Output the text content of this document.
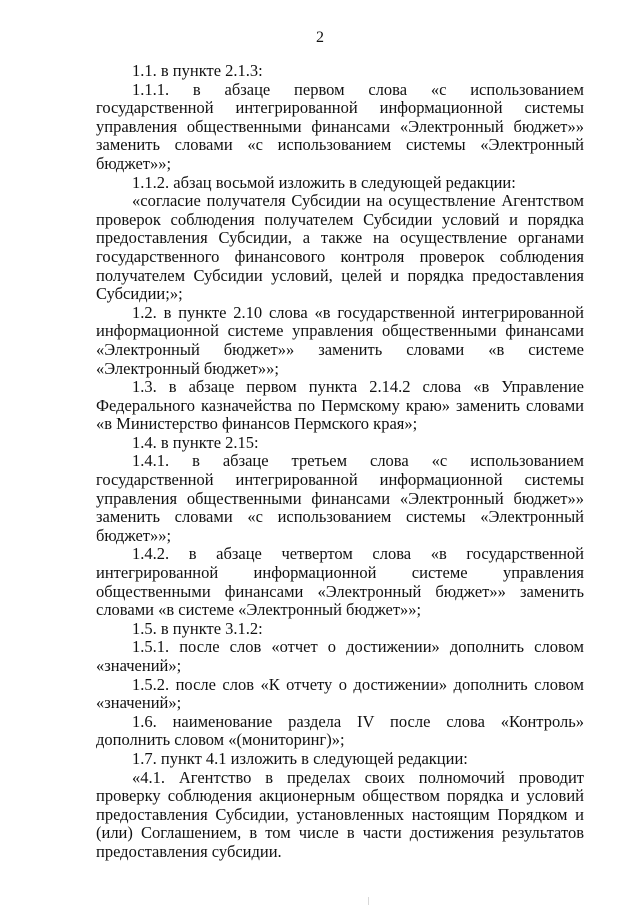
2

1.1. в пункте 2.1.3:

1.1.1. в абзаце первом слова «с использованием государственной интегрированной информационной системы управления общественными финансами «Электронный бюджет»» заменить словами «с использованием системы «Электронный бюджет»»;

1.1.2. абзац восьмой изложить в следующей редакции:

«согласие получателя Субсидии на осуществление Агентством проверок соблюдения получателем Субсидии условий и порядка предоставления Субсидии, а также на осуществление органами государственного финансового контроля проверок соблюдения получателем Субсидии условий, целей и порядка предоставления Субсидии;»;

1.2. в пункте 2.10 слова «в государственной интегрированной информационной системе управления общественными финансами «Электронный бюджет»» заменить словами «в системе «Электронный бюджет»»;

1.3. в абзаце первом пункта 2.14.2 слова «в Управление Федерального казначейства по Пермскому краю» заменить словами «в Министерство финансов Пермского края»;

1.4. в пункте 2.15:

1.4.1. в абзаце третьем слова «с использованием государственной интегрированной информационной системы управления общественными финансами «Электронный бюджет»» заменить словами «с использованием системы «Электронный бюджет»»;

1.4.2. в абзаце четвертом слова «в государственной интегрированной информационной системе управления общественными финансами «Электронный бюджет»» заменить словами «в системе «Электронный бюджет»»;

1.5. в пункте 3.1.2:

1.5.1. после слов «отчет о достижении» дополнить словом «значений»;

1.5.2. после слов «К отчету о достижении» дополнить словом «значений»;

1.6. наименование раздела IV после слова «Контроль» дополнить словом «(мониторинг)»;

1.7. пункт 4.1 изложить в следующей редакции:

«4.1. Агентство в пределах своих полномочий проводит проверку соблюдения акционерным обществом порядка и условий предоставления Субсидии, установленных настоящим Порядком и (или) Соглашением, в том числе в части достижения результатов предоставления субсидии.
